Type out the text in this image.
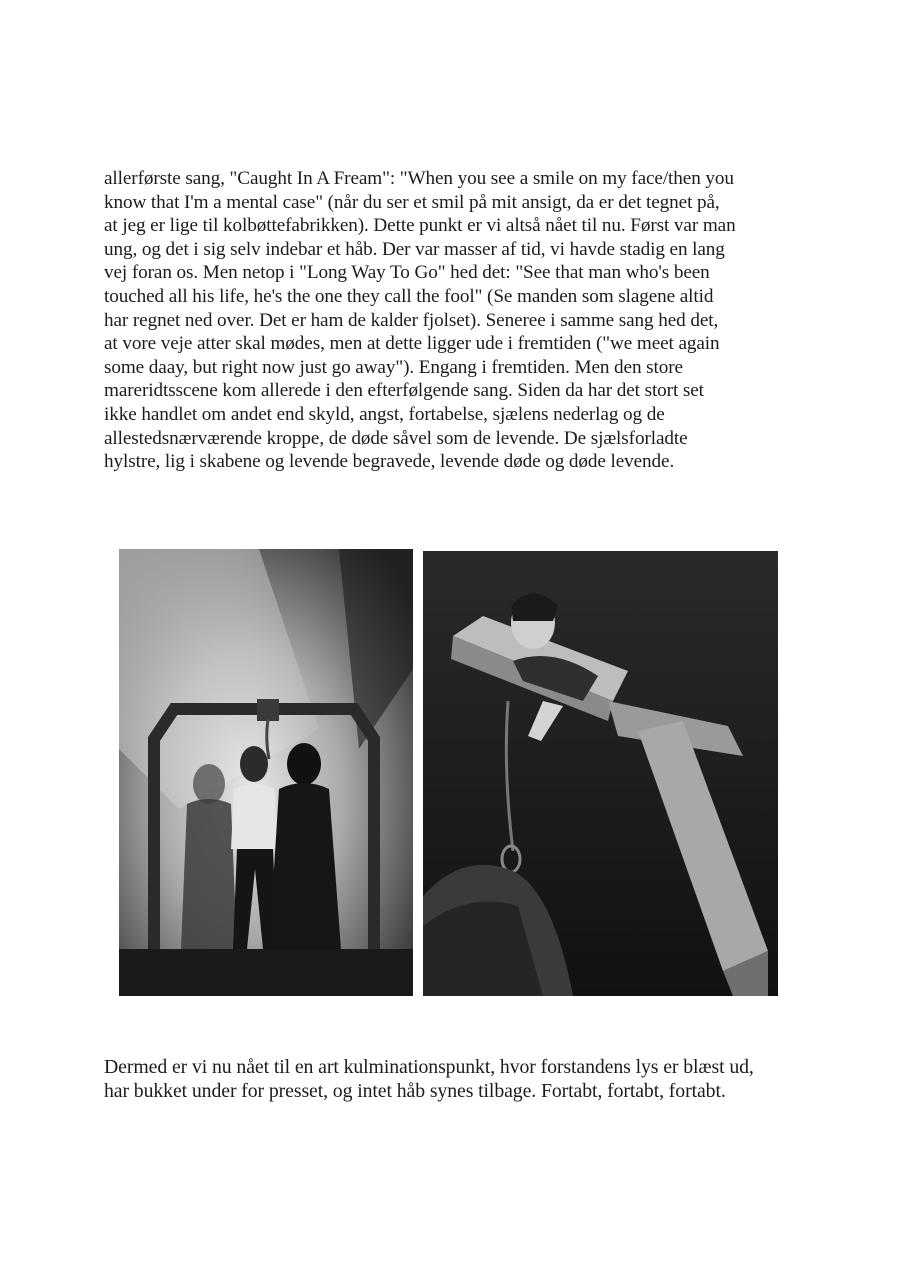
allerførste sang, "Caught In A Fream": "When you see a smile on my face/then you
know that I'm a mental case" (når du ser et smil på mit ansigt, da er det tegnet på,
at jeg er lige til kolbøttefabrikken). Dette punkt er vi altså nået til nu. Først var man
ung, og det i sig selv indebar et håb. Der var masser af tid, vi havde stadig en lang
vej foran os. Men netop i "Long Way To Go" hed det: "See that man who's been
touched all his life, he's the one they call the fool" (Se manden som slagene altid
har regnet ned over. Det er ham de kalder fjolset). Seneree i samme sang hed det,
at vore veje atter skal mødes, men at dette ligger ude i fremtiden ("we meet again
some daay, but right now just go away"). Engang i fremtiden. Men den store
mareridtsscene kom allerede i den efterfølgende sang. Siden da har det stort set
ikke handlet om andet end skyld, angst, fortabelse, sjælens nederlag og de
allestedsnærværende kroppe, de døde såvel som de levende. De sjælsforladte
hylstre, lig i skabene og levende begravede, levende døde og døde levende.

Dermed er vi nu nået til en art kulminationspunkt, hvor forstandens lys er blæst ud,
har bukket under for presset, og intet håb synes tilbage. Fortabt, fortabt, fortabt.
